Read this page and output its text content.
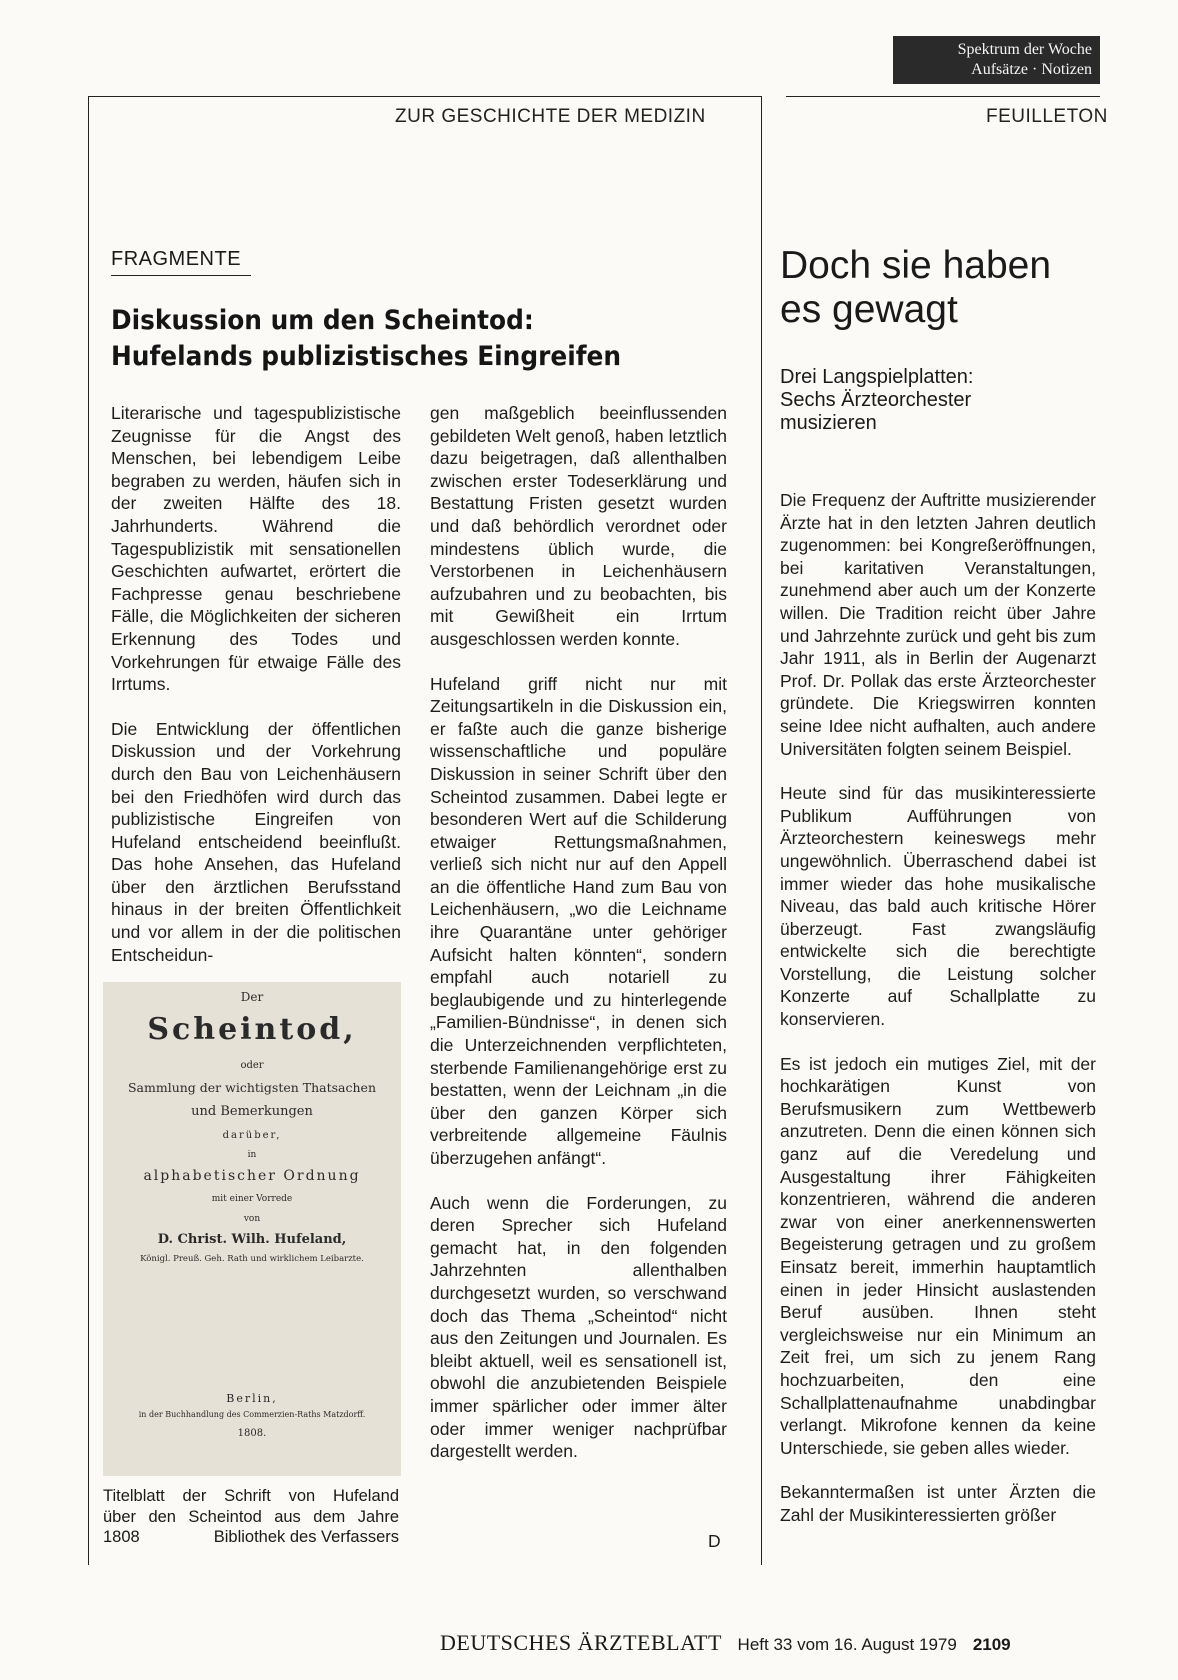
Spektrum der Woche
Aufsätze · Notizen
ZUR GESCHICHTE DER MEDIZIN	FEUILLETON
FRAGMENTE
Diskussion um den Scheintod:
Hufelands publizistisches Eingreifen

Literarische und tagespublizistische Zeugnisse für die Angst des Menschen, bei lebendigem Leibe begraben zu werden, häufen sich in der zweiten Hälfte des 18. Jahrhunderts. Während die Tagespublizistik mit sensationellen Geschichten aufwartet, erörtert die Fachpresse genau beschriebene Fälle, die Möglichkeiten der sicheren Erkennung des Todes und Vorkehrungen für etwaige Fälle des Irrtums.

Die Entwicklung der öffentlichen Diskussion und der Vorkehrung durch den Bau von Leichenhäusern bei den Friedhöfen wird durch das publizistische Eingreifen von Hufeland entscheidend beeinflußt. Das hohe Ansehen, das Hufeland über den ärztlichen Berufsstand hinaus in der breiten Öffentlichkeit und vor allem in der die politischen Entscheidun-

Der
Scheintod,
oder
Sammlung der wichtigsten Thatsachen
und Bemerkungen
darüber,
in
alphabetischer Ordnung
mit einer Vorrede
von
D. Christ. Wilh. Hufeland,
Königl. Preuß. Geh. Rath und wirklichem Leibarzte.
Berlin,
in der Buchhandlung des Commerzien-Raths Matzdorff.
1808.
Titelblatt der Schrift von Hufeland
über den Scheintod aus dem Jahre
1808	Bibliothek des Verfassers

gen maßgeblich beeinflussenden gebildeten Welt genoß, haben letztlich dazu beigetragen, daß allenthalben zwischen erster Todeserklärung und Bestattung Fristen gesetzt wurden und daß behördlich verordnet oder mindestens üblich wurde, die Verstorbenen in Leichenhäusern aufzubahren und zu beobachten, bis mit Gewißheit ein Irrtum ausgeschlossen werden konnte.

Hufeland griff nicht nur mit Zeitungsartikeln in die Diskussion ein, er faßte auch die ganze bisherige wissenschaftliche und populäre Diskussion in seiner Schrift über den Scheintod zusammen. Dabei legte er besonderen Wert auf die Schilderung etwaiger Rettungsmaßnahmen, verließ sich nicht nur auf den Appell an die öffentliche Hand zum Bau von Leichenhäusern, „wo die Leichname ihre Quarantäne unter gehöriger Aufsicht halten könnten“, sondern empfahl auch notariell zu beglaubigende und zu hinterlegende „Familien-Bündnisse“, in denen sich die Unterzeichnenden verpflichteten, sterbende Familienangehörige erst zu bestatten, wenn der Leichnam „in die über den ganzen Körper sich verbreitende allgemeine Fäulnis überzugehen anfängt“.

Auch wenn die Forderungen, zu deren Sprecher sich Hufeland gemacht hat, in den folgenden Jahrzehnten allenthalben durchgesetzt wurden, so verschwand doch das Thema „Scheintod“ nicht aus den Zeitungen und Journalen. Es bleibt aktuell, weil es sensationell ist, obwohl die anzubietenden Beispiele immer spärlicher oder immer älter oder immer weniger nachprüfbar dargestellt werden.

D
Doch sie haben
es gewagt
Drei Langspielplatten:
Sechs Ärzteorchester
musizieren

Die Frequenz der Auftritte musizierender Ärzte hat in den letzten Jahren deutlich zugenommen: bei Kongreßeröffnungen, bei karitativen Veranstaltungen, zunehmend aber auch um der Konzerte willen. Die Tradition reicht über Jahre und Jahrzehnte zurück und geht bis zum Jahr 1911, als in Berlin der Augenarzt Prof. Dr. Pollak das erste Ärzteorchester gründete. Die Kriegswirren konnten seine Idee nicht aufhalten, auch andere Universitäten folgten seinem Beispiel.

Heute sind für das musikinteressierte Publikum Aufführungen von Ärzteorchestern keineswegs mehr ungewöhnlich. Überraschend dabei ist immer wieder das hohe musikalische Niveau, das bald auch kritische Hörer überzeugt. Fast zwangsläufig entwickelte sich die berechtigte Vorstellung, die Leistung solcher Konzerte auf Schallplatte zu konservieren.

Es ist jedoch ein mutiges Ziel, mit der hochkarätigen Kunst von Berufsmusikern zum Wettbewerb anzutreten. Denn die einen können sich ganz auf die Veredelung und Ausgestaltung ihrer Fähigkeiten konzentrieren, während die anderen zwar von einer anerkennenswerten Begeisterung getragen und zu großem Einsatz bereit, immerhin hauptamtlich einen in jeder Hinsicht auslastenden Beruf ausüben. Ihnen steht vergleichsweise nur ein Minimum an Zeit frei, um sich zu jenem Rang hochzuarbeiten, den eine Schallplattenaufnahme unabdingbar verlangt. Mikrofone kennen da keine Unterschiede, sie geben alles wieder.

Bekanntermaßen ist unter Ärzten die Zahl der Musikinteressierten größer

DEUTSCHES ÄRZTEBLATT Heft 33 vom 16. August 1979 2109
